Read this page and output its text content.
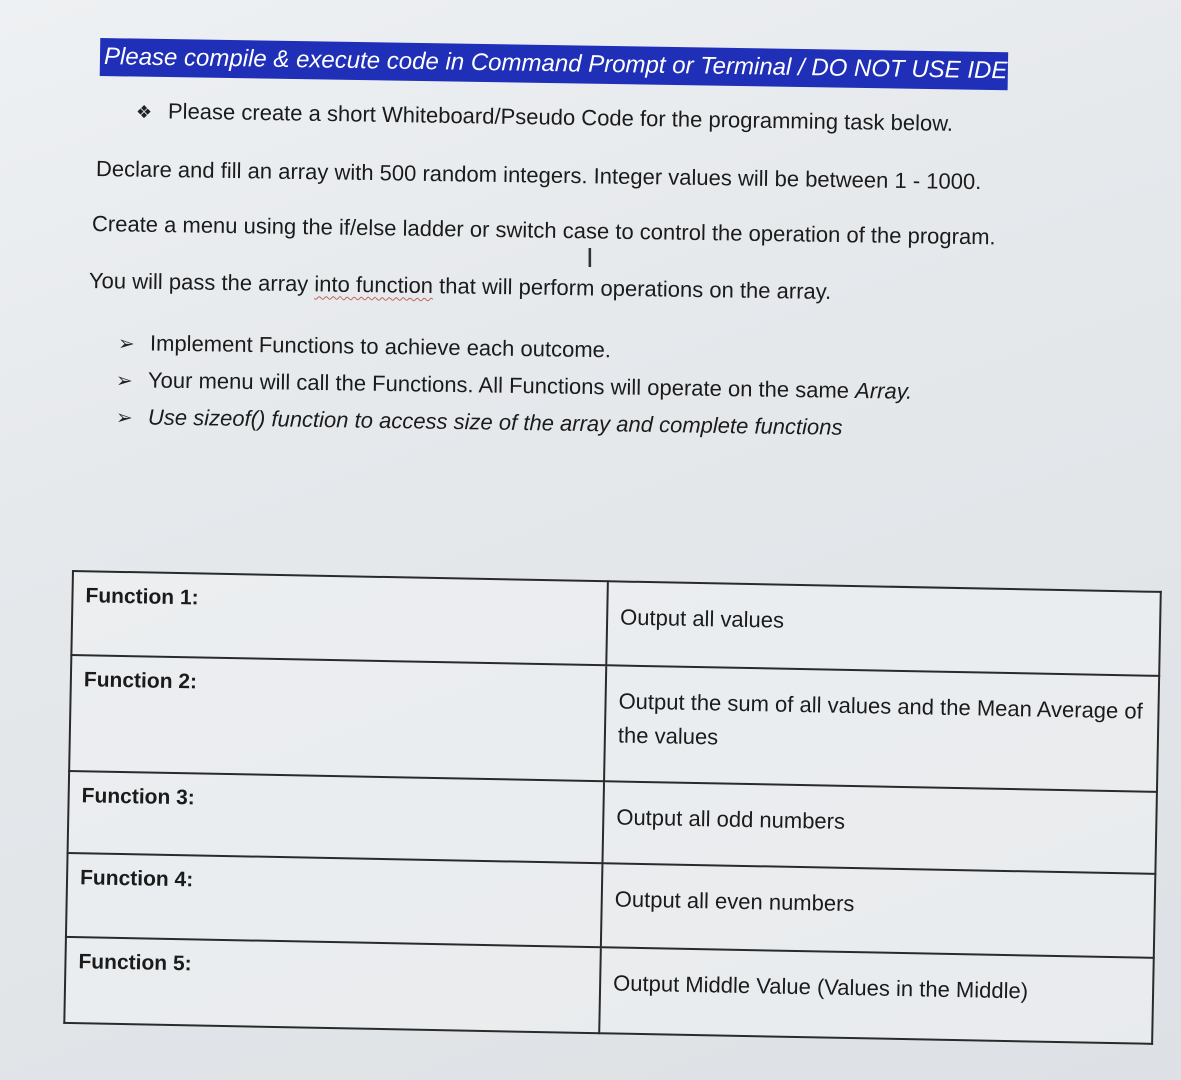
Please compile & execute code in Command Prompt or Terminal / DO NOT USE IDE
❖ Please create a short Whiteboard/Pseudo Code for the programming task below.
Declare and fill an array with 500 random integers. Integer values will be between 1 - 1000.
Create a menu using the if/else ladder or switch case to control the operation of the program.
You will pass the array into function that will perform operations on the array.
I
➢ Implement Functions to achieve each outcome.
➢ Your menu will call the Functions. All Functions will operate on the same Array.
➢ Use sizeof() function to access size of the array and complete functions
Function 1:	Output all values
Function 2:	Output the sum of all values and the Mean Average of the values
Function 3:	Output all odd numbers
Function 4:	Output all even numbers
Function 5:	Output Middle Value (Values in the Middle)
